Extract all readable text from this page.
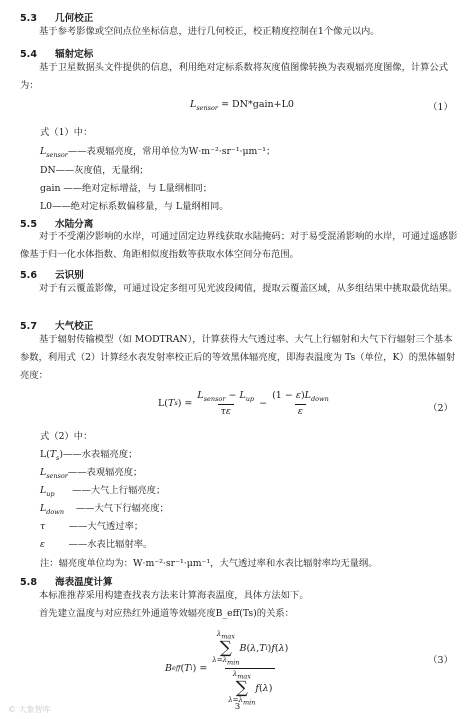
5.3 几何校正
基于参考影像或空间点位坐标信息，进行几何校正，校正精度控制在1个像元以内。
5.4 辐射定标
基于卫星数据头文件提供的信息，利用绝对定标系数将灰度值图像转换为表观辐亮度图像，计算公式为：
$L_{sensor}$ = DN*gain+L0	（1）
式（1）中：
$L_{sensor}——$表观辐亮度，常用单位为W·m⁻²·sr⁻¹·μm⁻¹；
DN——灰度值，无量纲；
gain ——绝对定标增益，与 L量纲相同；
L0——绝对定标系数偏移量，与 L量纲相同。
5.5 水陆分离
对于不受潮汐影响的水岸，可通过固定边界线获取水陆掩码；对于易受混淆影响的水岸，可通过遥感影像基于归一化水体指数、角距相似度指数等获取水体空间分布范围。
5.6 云识别
对于有云覆盖影像，可通过设定多组可见光波段阈值，提取云覆盖区域，从多组结果中挑取最优结果。
5.7 大气校正
基于辐射传输模型（如 MODTRAN），计算获得大气透过率、大气上行辐射和大气下行辐射三个基本参数，利用式（2）计算经水表发射率校正后的等效黑体辐亮度，即海表温度为 Ts（单位，K）的黑体辐射亮度：
L( T s ) = $\frac{L_{sensor} - L_{up}}{\tau\varepsilon} - \frac{(1 - \varepsilon)L_{down}}{\varepsilon}$	（2）
式（2）中：
$L(T_s)——$水表辐亮度；
$L_{sensor}——$表观辐亮度；
$L_{up}$ ——大气上行辐亮度；
$L_{down}$ ——大气下行辐亮度；
τ	——大气透过率；
ε	——水表比辐射率。
注：辐亮度单位均为：W·m⁻²·sr⁻¹·μm⁻¹，大气透过率和水表比辐射率均无量纲。
5.8 海表温度计算
本标准推荐采用构建查找表方法来计算海表温度，具体方法如下。
首先建立温度与对应热红外通道等效辐亮度B_eff(Ts)的关系：
B eff ( T i ) =
$\lambda_{max}$
∑
$\lambda=\lambda_{min}$
B ( λ , T i ) f ( λ )
$\lambda_{max}$
∑
$\lambda=\lambda_{min}$
f ( λ )
（3）
3
© 大象智库
